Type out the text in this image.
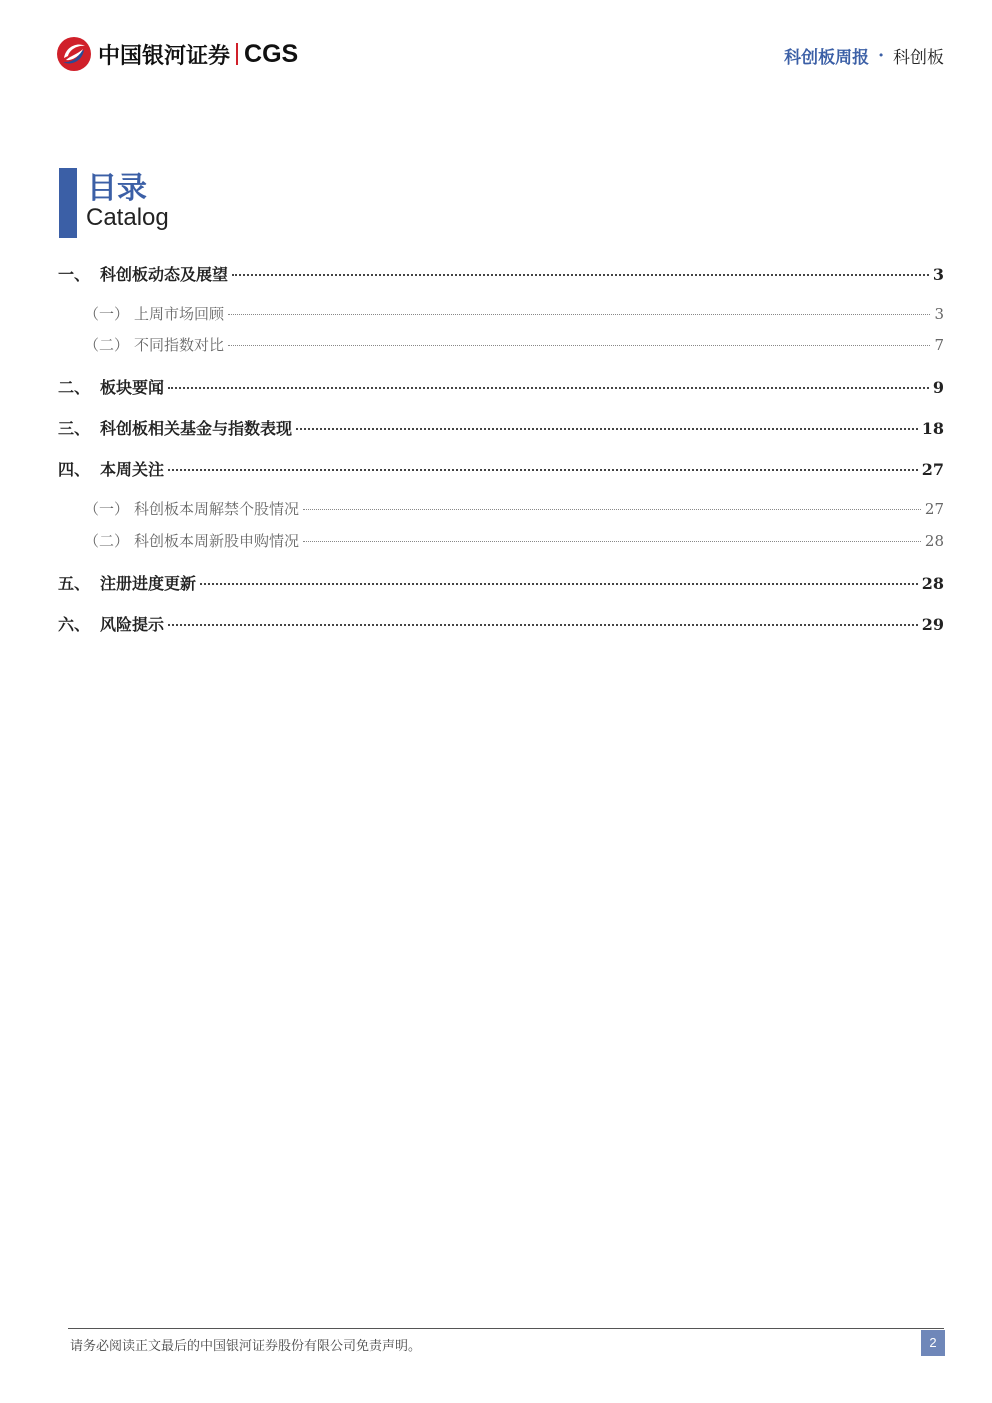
中国银河证券 CGS	科创板周报 · 科创板
目录
Catalog
一、 科创板动态及展望	3
（一） 上周市场回顾	3
（二） 不同指数对比	7
二、 板块要闻	9
三、 科创板相关基金与指数表现	18
四、 本周关注	27
（一） 科创板本周解禁个股情况	27
（二） 科创板本周新股申购情况	28
五、 注册进度更新	28
六、 风险提示	29
请务必阅读正文最后的中国银河证券股份有限公司免责声明。	2
